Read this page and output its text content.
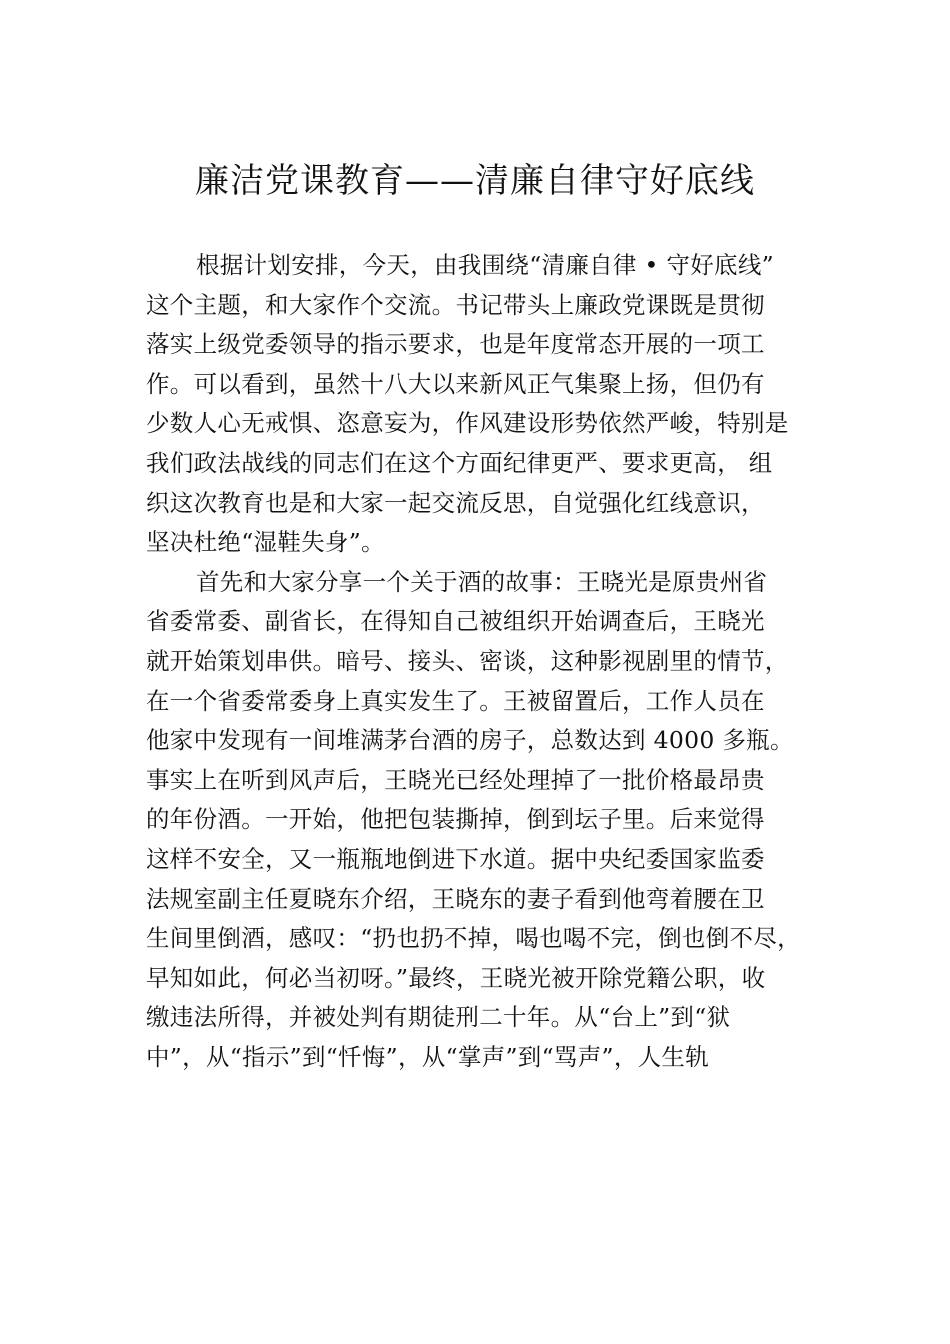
廉洁党课教育——清廉自律守好底线
根据计划安排，今天，由我围绕“清廉自律 • 守好底线”
这个主题，和大家作个交流。书记带头上廉政党课既是贯彻
落实上级党委领导的指示要求，也是年度常态开展的一项工
作。可以看到，虽然十八大以来新风正气集聚上扬，但仍有
少数人心无戒惧、恣意妄为，作风建设形势依然严峻，特别是
我们政法战线的同志们在这个方面纪律更严、要求更高， 组
织这次教育也是和大家一起交流反思，自觉强化红线意识，
坚决杜绝“湿鞋失身”。
首先和大家分享一个关于酒的故事：王晓光是原贵州省
省委常委、副省长，在得知自己被组织开始调查后，王晓光
就开始策划串供。暗号、接头、密谈，这种影视剧里的情节，
在一个省委常委身上真实发生了。王被留置后，工作人员在
他家中发现有一间堆满茅台酒的房子，总数达到 4000 多瓶。
事实上在听到风声后，王晓光已经处理掉了一批价格最昂贵
的年份酒。一开始，他把包装撕掉，倒到坛子里。后来觉得
这样不安全，又一瓶瓶地倒进下水道。据中央纪委国家监委
法规室副主任夏晓东介绍，王晓东的妻子看到他弯着腰在卫
生间里倒酒，感叹：“扔也扔不掉，喝也喝不完，倒也倒不尽，
早知如此，何必当初呀。”最终，王晓光被开除党籍公职，收
缴违法所得，并被处判有期徒刑二十年。从“台上”到“狱
中”，从“指示”到“忏悔”，从“掌声”到“骂声”，人生轨
